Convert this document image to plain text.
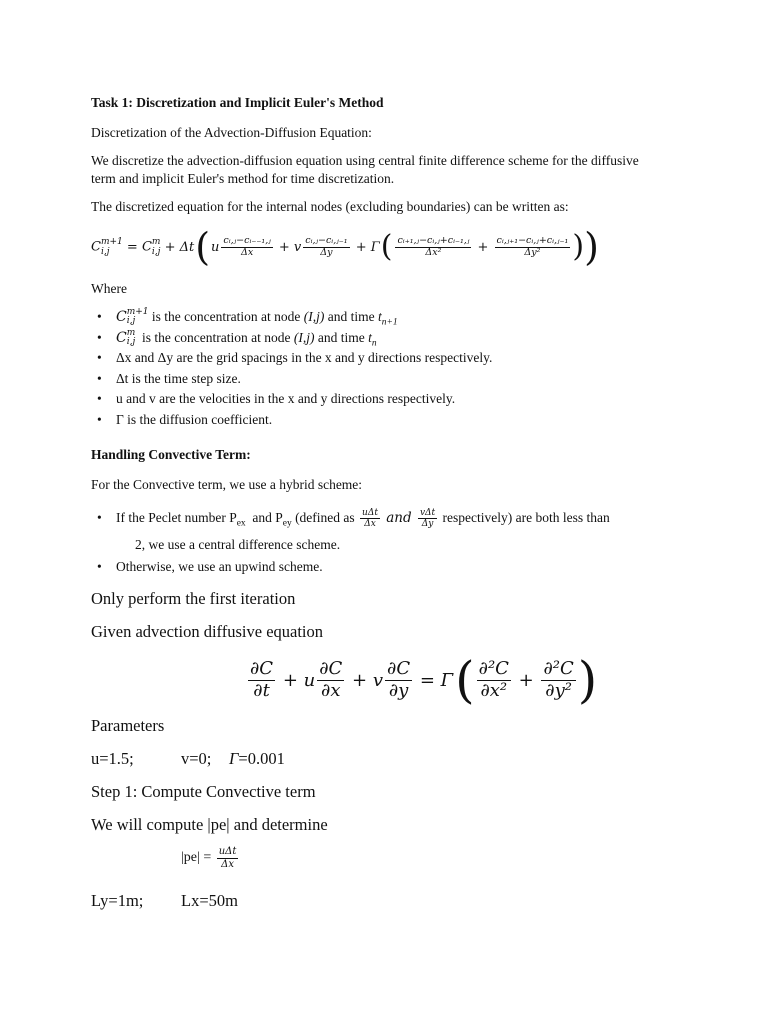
Task 1: Discretization and Implicit Euler's Method

Discretization of the Advection-Diffusion Equation:

We discretize the advection-diffusion equation using central finite difference scheme for the diffusive

term and implicit Euler's method for time discretization.

The discretized equation for the internal nodes (excluding boundaries) can be written as:

C m+1
i,j	= C m
i,j + Δt ( u $\frac{\text{cᵢ,ⱼ−cᵢ₋₋₁,ⱼ}}{\Delta x} + v \frac{\text{cᵢ,ⱼ−cᵢ,ⱼ₋₁}}{\Delta y} + \Gamma$ ( $\frac{\text{cᵢ₊₁,ⱼ−cᵢ,ⱼ+cᵢ₋₁,ⱼ}}{\text{Δx²}} + \frac{\text{cᵢ,ⱼ₊₁−cᵢ,ⱼ+cᵢ,ⱼ₋₁}}{\text{Δy²}}$ ) )

Where

• C m+1
i,j is the concentration at node (I,j) and time $t_{n+1}$
• C m
i,j is the concentration at node (I,j) and time $t_n$
• Δx and Δy are the grid spacings in the x and y directions respectively.
• Δt is the time step size.
• u and v are the velocities in the x and y directions respectively.
• Γ is the diffusion coefficient.

Handling Convective Term:

For the Convective term, we use a hybrid scheme:

• If the Peclet number $P_{ex}$  and $P_{ey}$ (defined as $\frac{\text{uΔt}}{\Delta x}$ and $\frac{\text{vΔt}}{\Delta y}$ respectively) are both less than

2, we use a central difference scheme.

• Otherwise, we use an upwind scheme.

Only perform the first iteration

Given advection diffusive equation

$\frac{\partial C}{\partial t} + u \frac{\partial C}{\partial x} + v \frac{\partial C}{\partial y} = \Gamma$ ( $\frac{\text{∂²C}}{\text{∂x²}} + \frac{\text{∂²C}}{\text{∂y²}}$ )

Parameters

u=1.5;	v=0; Γ=0.001

Step 1: Compute Convective term

We will compute |pe| and determine

$|pe| = \frac{\text{uΔt}}{\Delta x}$

Ly=1m; Lx=50m
